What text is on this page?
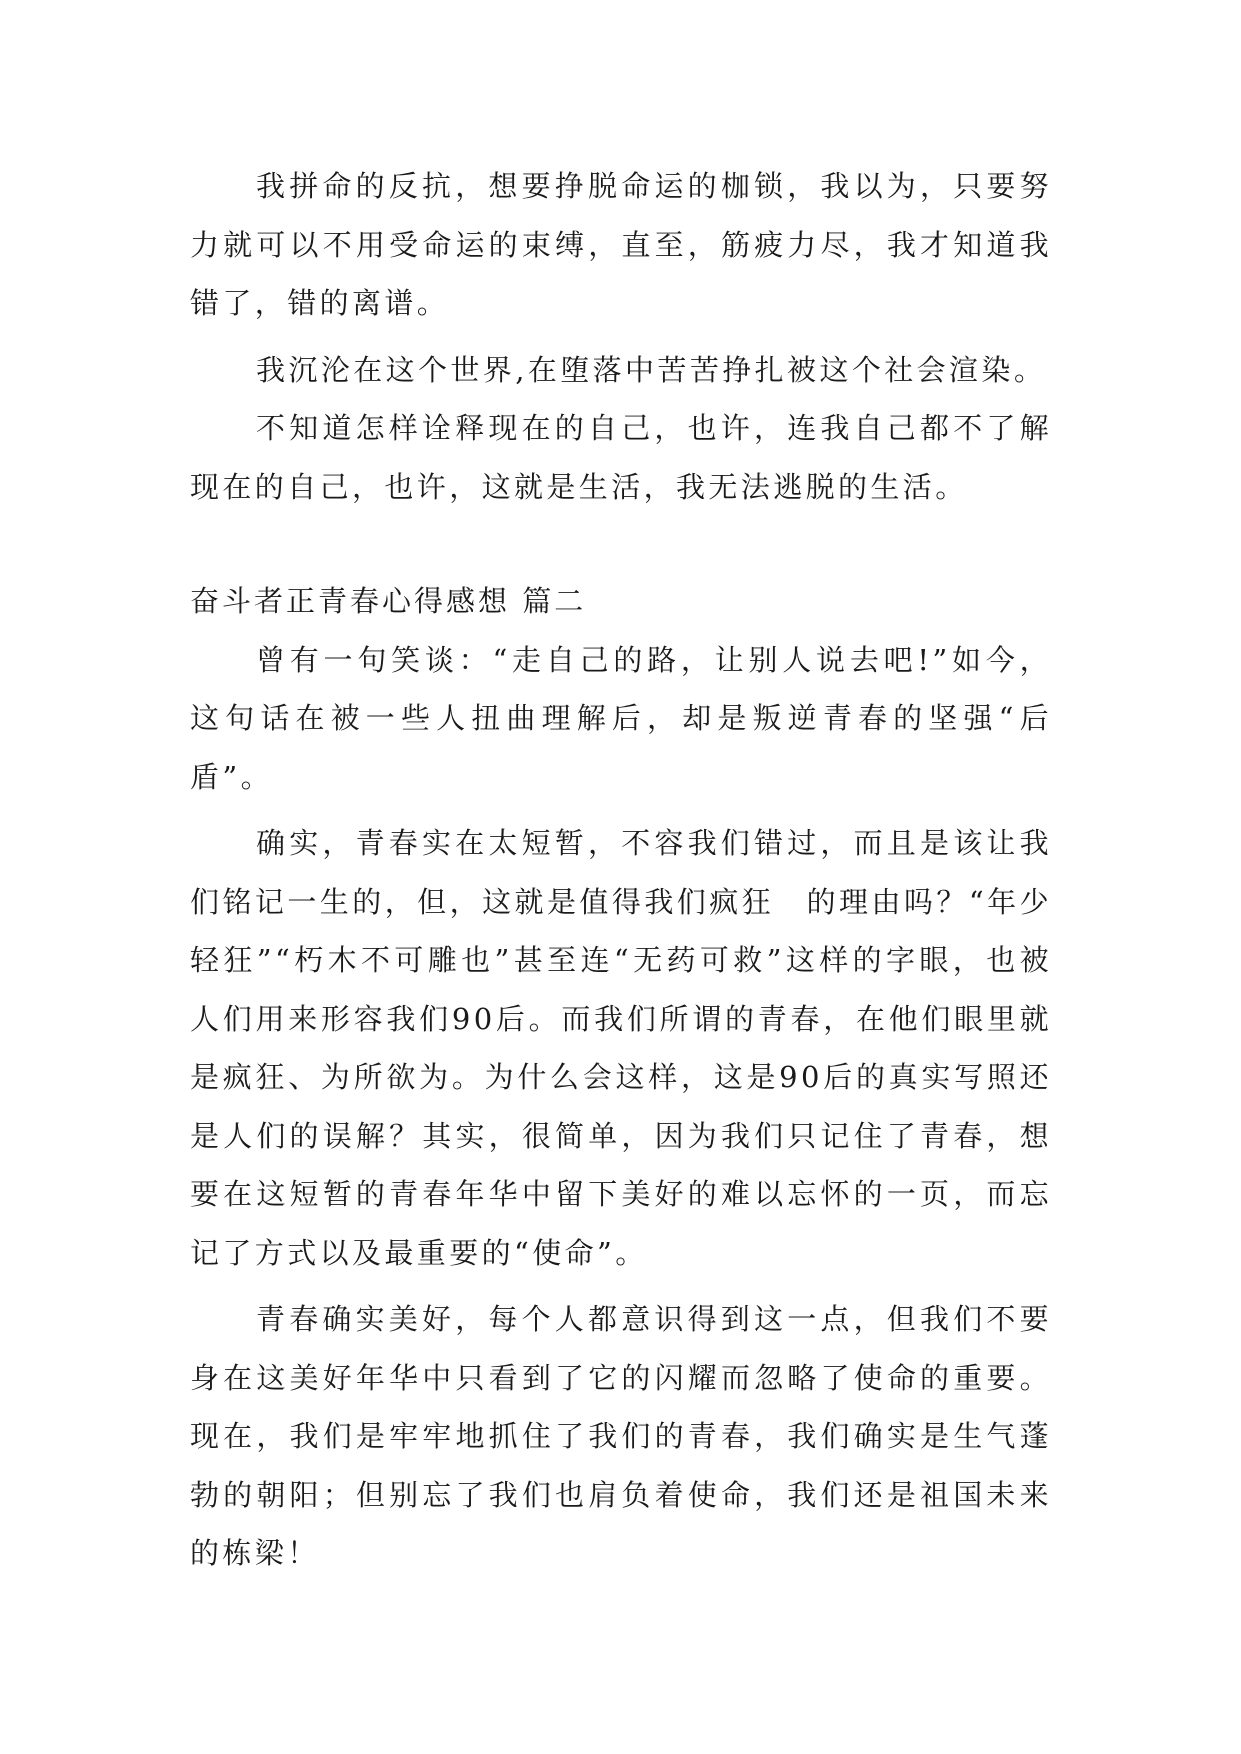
我拼命的反抗，想要挣脱命运的枷锁，我以为，只要努力就可以不用受命运的束缚，直至，筋疲力尽，我才知道我错了，错的离谱。

我沉沦在这个世界,在堕落中苦苦挣扎被这个社会渲染。

不知道怎样诠释现在的自己，也许，连我自己都不了解现在的自己，也许，这就是生活，我无法逃脱的生活。

奋斗者正青春心得感想 篇二

曾有一句笑谈：“走自己的路，让别人说去吧!”如今，这句话在被一些人扭曲理解后，却是叛逆青春的坚强“后盾”。

确实，青春实在太短暂，不容我们错过，而且是该让我们铭记一生的，但，这就是值得我们疯狂　的理由吗？“年少轻狂”“朽木不可雕也”甚至连“无药可救”这样的字眼，也被人们用来形容我们90后。而我们所谓的青春，在他们眼里就是疯狂、为所欲为。为什么会这样，这是90后的真实写照还是人们的误解？其实，很简单，因为我们只记住了青春，想要在这短暂的青春年华中留下美好的难以忘怀的一页，而忘记了方式以及最重要的“使命”。

青春确实美好，每个人都意识得到这一点，但我们不要身在这美好年华中只看到了它的闪耀而忽略了使命的重要。现在，我们是牢牢地抓住了我们的青春，我们确实是生气蓬勃的朝阳；但别忘了我们也肩负着使命，我们还是祖国未来的栋梁！
